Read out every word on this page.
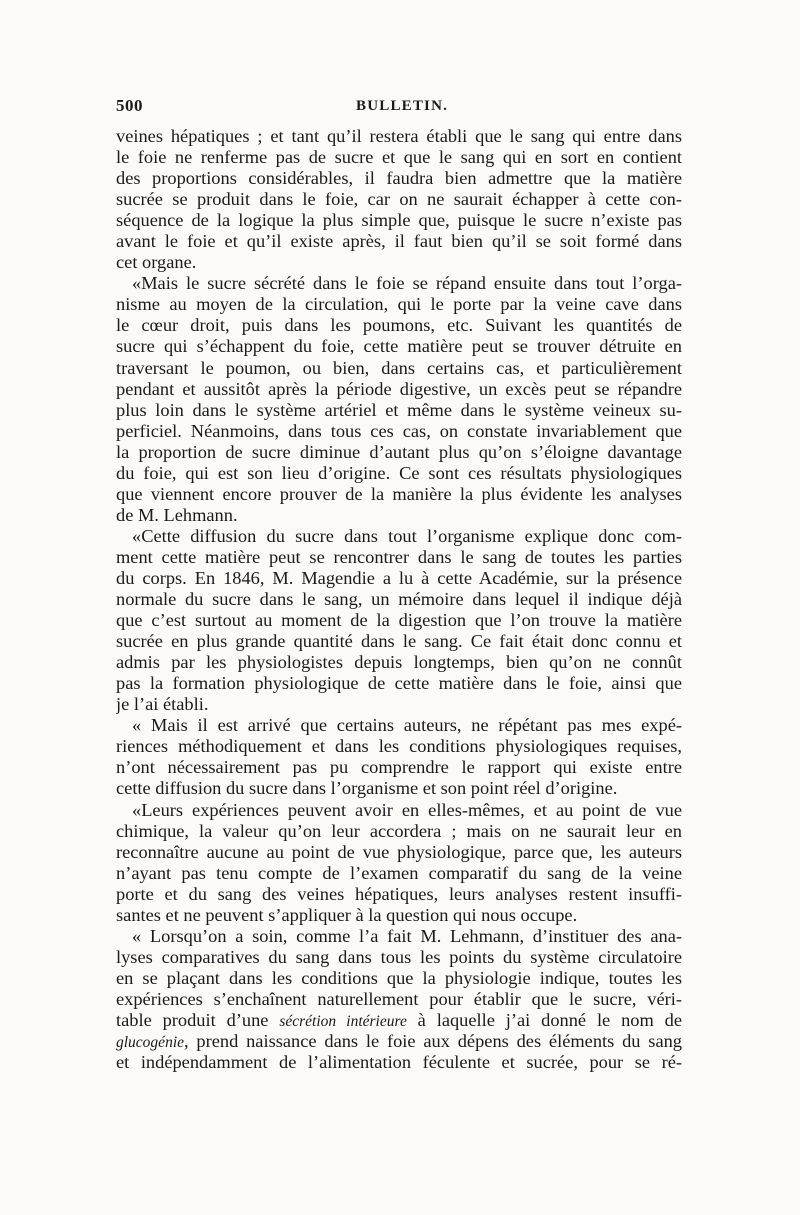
500	BULLETIN.
veines hépatiques ; et tant qu’il restera établi que le sang qui entre dans
le foie ne renferme pas de sucre et que le sang qui en sort en contient
des proportions considérables, il faudra bien admettre que la matière
sucrée se produit dans le foie, car on ne saurait échapper à cette con-
séquence de la logique la plus simple que, puisque le sucre n’existe pas
avant le foie et qu’il existe après, il faut bien qu’il se soit formé dans
cet organe.
«Mais le sucre sécrété dans le foie se répand ensuite dans tout l’orga-
nisme au moyen de la circulation, qui le porte par la veine cave dans
le cœur droit, puis dans les poumons, etc. Suivant les quantités de
sucre qui s’échappent du foie, cette matière peut se trouver détruite en
traversant le poumon, ou bien, dans certains cas, et particulièrement
pendant et aussitôt après la période digestive, un excès peut se répandre
plus loin dans le système artériel et même dans le système veineux su-
perficiel. Néanmoins, dans tous ces cas, on constate invariablement que
la proportion de sucre diminue d’autant plus qu’on s’éloigne davantage
du foie, qui est son lieu d’origine. Ce sont ces résultats physiologiques
que viennent encore prouver de la manière la plus évidente les analyses
de M. Lehmann.
«Cette diffusion du sucre dans tout l’organisme explique donc com-
ment cette matière peut se rencontrer dans le sang de toutes les parties
du corps. En 1846, M. Magendie a lu à cette Académie, sur la présence
normale du sucre dans le sang, un mémoire dans lequel il indique déjà
que c’est surtout au moment de la digestion que l’on trouve la matière
sucrée en plus grande quantité dans le sang. Ce fait était donc connu et
admis par les physiologistes depuis longtemps, bien qu’on ne connût
pas la formation physiologique de cette matière dans le foie, ainsi que
je l’ai établi.
« Mais il est arrivé que certains auteurs, ne répétant pas mes expé-
riences méthodiquement et dans les conditions physiologiques requises,
n’ont nécessairement pas pu comprendre le rapport qui existe entre
cette diffusion du sucre dans l’organisme et son point réel d’origine.
«Leurs expériences peuvent avoir en elles-mêmes, et au point de vue
chimique, la valeur qu’on leur accordera ; mais on ne saurait leur en
reconnaître aucune au point de vue physiologique, parce que, les auteurs
n’ayant pas tenu compte de l’examen comparatif du sang de la veine
porte et du sang des veines hépatiques, leurs analyses restent insuffi-
santes et ne peuvent s’appliquer à la question qui nous occupe.
« Lorsqu’on a soin, comme l’a fait M. Lehmann, d’instituer des ana-
lyses comparatives du sang dans tous les points du système circulatoire
en se plaçant dans les conditions que la physiologie indique, toutes les
expériences s’enchaînent naturellement pour établir que le sucre, véri-
table produit d’une sécrétion intérieure à laquelle j’ai donné le nom de
glucogénie, prend naissance dans le foie aux dépens des éléments du sang
et indépendamment de l’alimentation féculente et sucrée, pour se ré-
